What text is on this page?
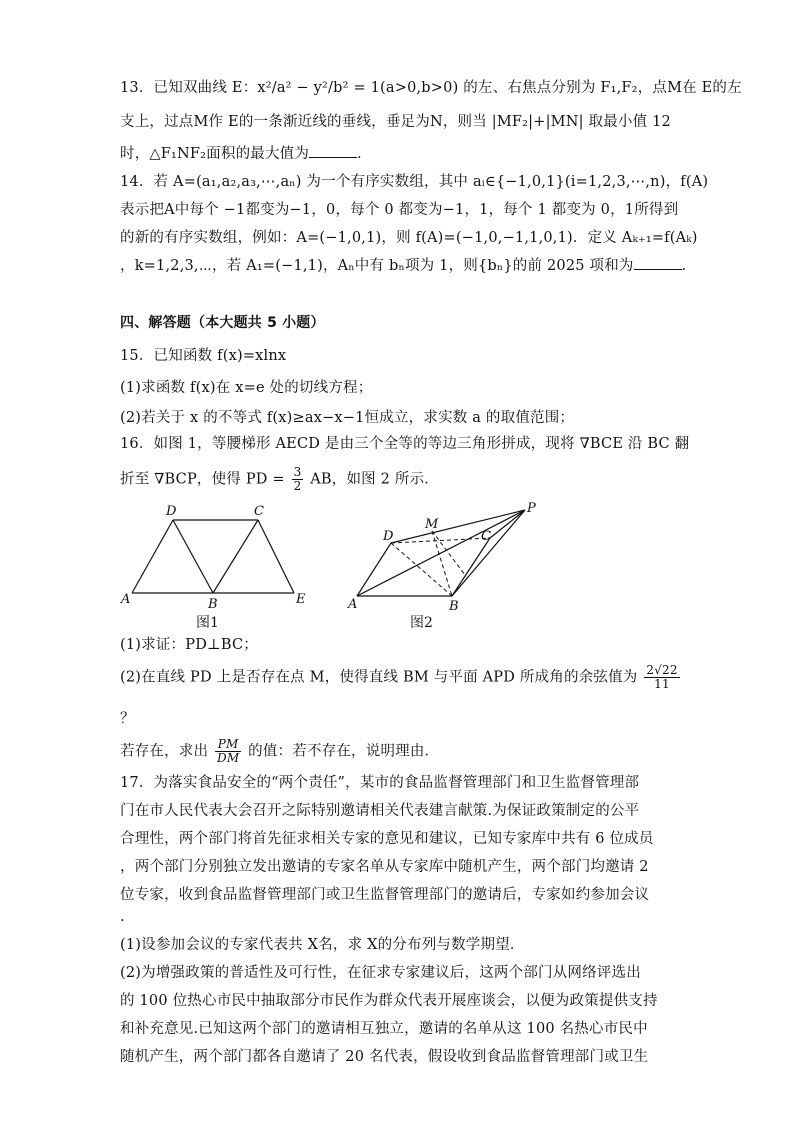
13．已知双曲线 E：x²/a² − y²/b² = 1(a>0,b>0) 的左、右焦点分别为 F₁,F₂，点M在 E的左
支上，过点M作 E的一条渐近线的垂线，垂足为N，则当 |MF₂|+|MN| 取最小值 12
时，△F₁NF₂面积的最大值为	．
14．若 A=(a₁,a₂,a₃,⋯,aₙ) 为一个有序实数组，其中 aᵢ∈{−1,0,1}(i=1,2,3,⋯,n)，f(A)
表示把A中每个 −1都变为−1，0，每个 0 都变为−1，1，每个 1 都变为 0，1所得到
的新的有序实数组，例如：A=(−1,0,1)，则 f(A)=(−1,0,−1,1,0,1)．定义 Aₖ₊₁=f(Aₖ)
，k=1,2,3,⋯，若 A₁=(−1,1)，Aₙ中有 bₙ项为 1，则{bₙ}的前 2025 项和为	．
四、解答题（本大题共 5 小题）
15．已知函数 f(x)=xlnx
(1)求函数 f(x)在 x=e 处的切线方程；
(2)若关于 x 的不等式 f(x)≥ax−x−1恒成立，求实数 a 的取值范围；
16．如图 1，等腰梯形 AECD 是由三个全等的等边三角形拼成，现将 ∇BCE 沿 BC 翻
折至 ∇BCP，使得 PD = $\frac{3}{2}$ AB，如图 2 所示．
D	C
A	B	E
图1
P
M
D	C
A	B
图2
(1)求证：PD⊥BC；
(2)在直线 PD 上是否存在点 M，使得直线 BM 与平面 APD 所成角的余弦值为 $\frac{2√22}{11}$
？
若存在，求出 $\frac{PM}{DM}$ 的值：若不存在，说明理由．
17．为落实食品安全的“两个责任”，某市的食品监督管理部门和卫生监督管理部
门在市人民代表大会召开之际特别邀请相关代表建言献策.为保证政策制定的公平
合理性，两个部门将首先征求相关专家的意见和建议，已知专家库中共有 6 位成员
，两个部门分别独立发出邀请的专家名单从专家库中随机产生，两个部门均邀请 2
位专家，收到食品监督管理部门或卫生监督管理部门的邀请后，专家如约参加会议
.
(1)设参加会议的专家代表共 X名，求 X的分布列与数学期望．
(2)为增强政策的普适性及可行性，在征求专家建议后，这两个部门从网络评选出
的 100 位热心市民中抽取部分市民作为群众代表开展座谈会，以便为政策提供支持
和补充意见.已知这两个部门的邀请相互独立，邀请的名单从这 100 名热心市民中
随机产生，两个部门都各自邀请了 20 名代表，假设收到食品监督管理部门或卫生
